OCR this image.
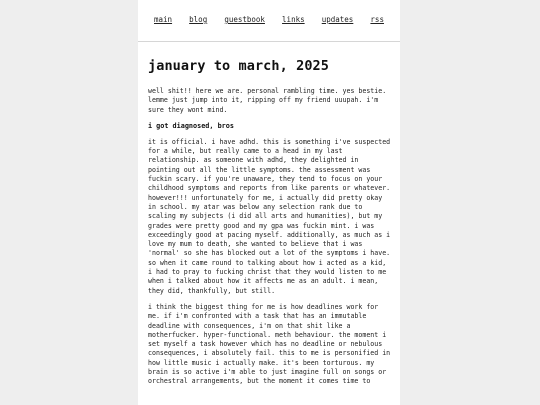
main blog guestbook links updates rss
january to march, 2025

well shit!! here we are. personal rambling time. yes bestie. lemme just jump into it, ripping off my friend uuupah. i'm sure they wont mind.

i got diagnosed, bros

it is official. i have adhd. this is something i've suspected for a while, but really came to a head in my last relationship. as someone with adhd, they delighted in pointing out all the little symptoms. the assessment was fuckin scary. if you're unaware, they tend to focus on your childhood symptoms and reports from like parents or whatever. however!!! unfortunately for me, i actually did pretty okay in school. my atar was below any selection rank due to scaling my subjects (i did all arts and humanities), but my grades were pretty good and my gpa was fuckin mint. i was exceedingly good at pacing myself. additionally, as much as i love my mum to death, she wanted to believe that i was 'normal' so she has blocked out a lot of the symptoms i have. so when it came round to talking about how i acted as a kid, i had to pray to fucking christ that they would listen to me when i talked about how it affects me as an adult. i mean, they did, thankfully, but still.

i think the biggest thing for me is how deadlines work for me. if i'm confronted with a task that has an immutable deadline with consequences, i'm on that shit like a motherfucker. hyper-functional. meth behaviour. the moment i set myself a task however which has no deadline or nebulous consequences, i absolutely fail. this to me is personified in how little music i actually make. it's been torturous. my brain is so active i'm able to just imagine full on songs or orchestral arrangements, but the moment it comes time to
